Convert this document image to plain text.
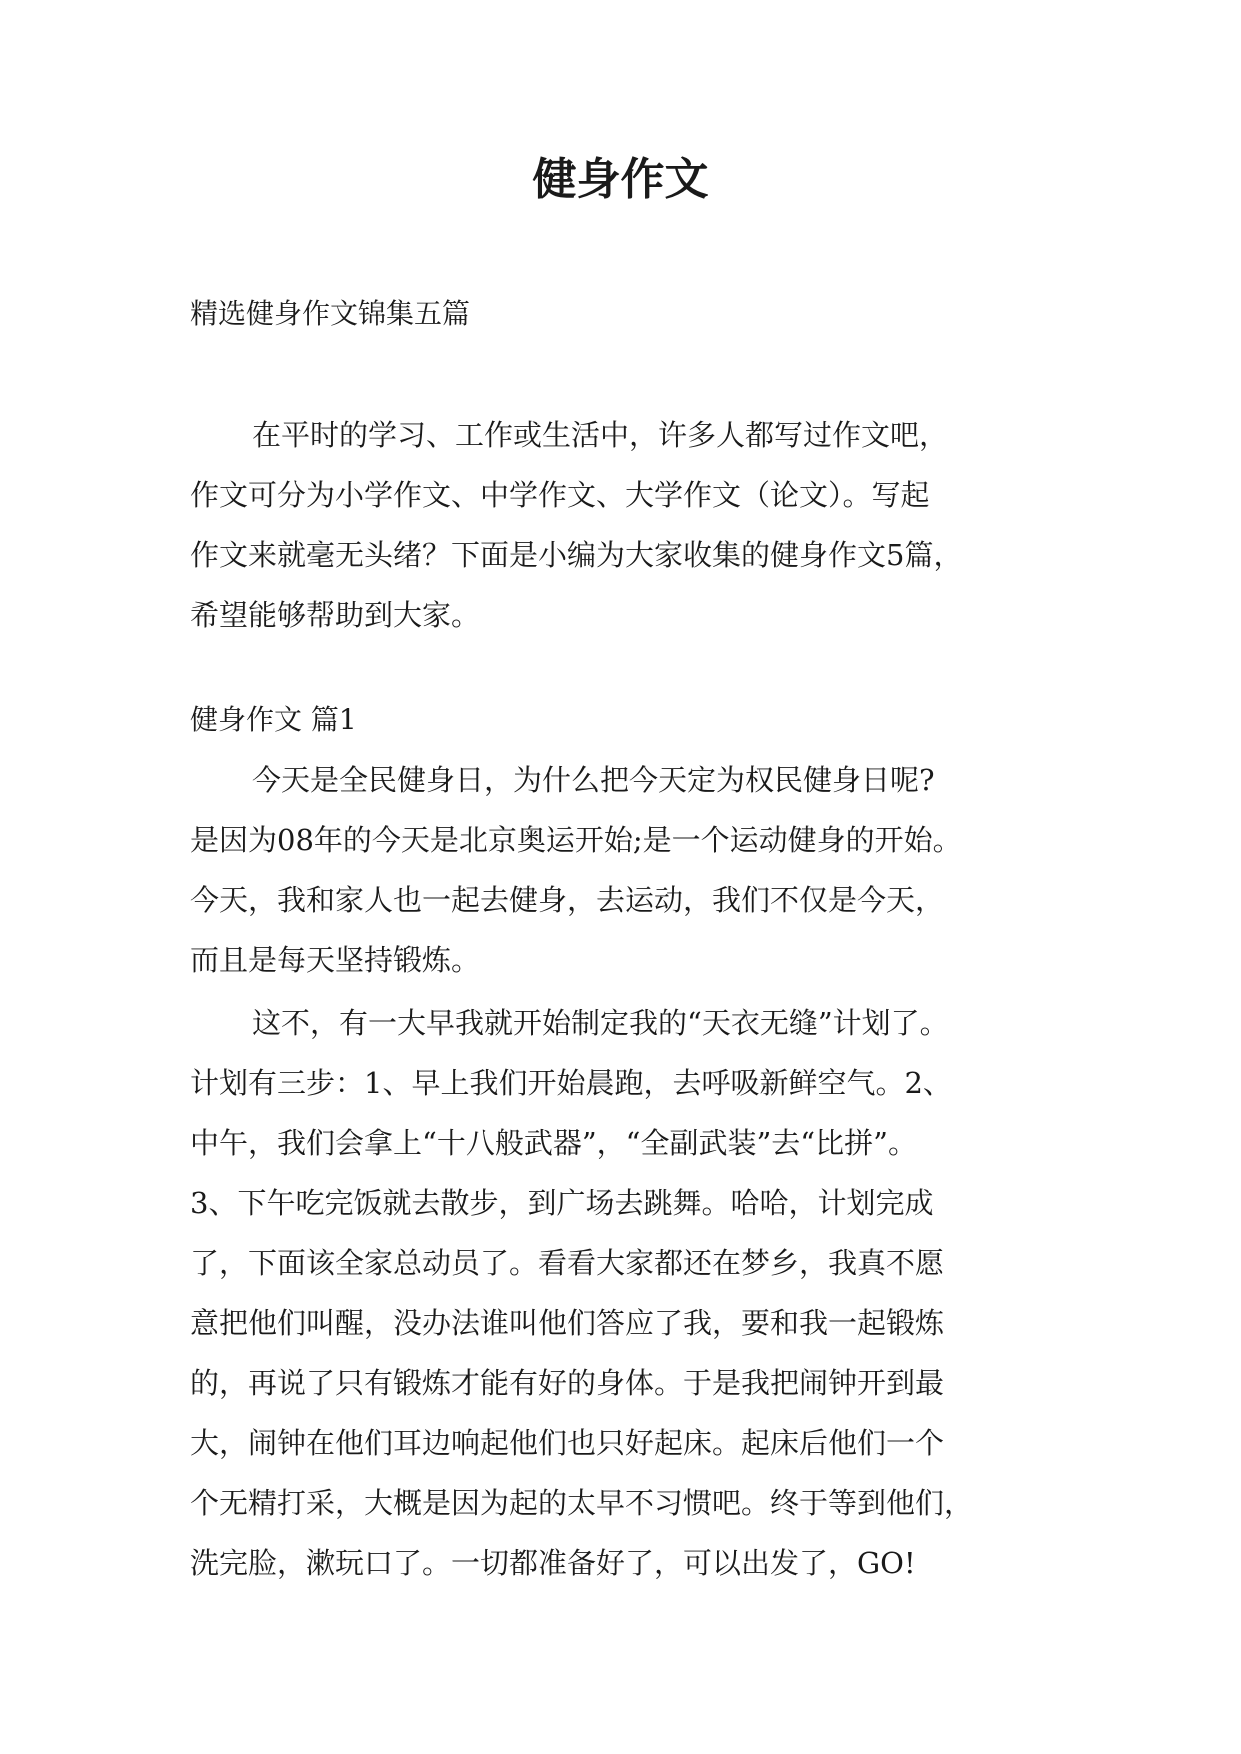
健身作文

精选健身作文锦集五篇

在平时的学习、工作或生活中，许多人都写过作文吧，
作文可分为小学作文、中学作文、大学作文（论文）。写起
作文来就毫无头绪？下面是小编为大家收集的健身作文5篇，
希望能够帮助到大家。

健身作文 篇1

今天是全民健身日，为什么把今天定为权民健身日呢?
是因为08年的今天是北京奥运开始;是一个运动健身的开始。
今天，我和家人也一起去健身，去运动，我们不仅是今天，
而且是每天坚持锻炼。
这不，有一大早我就开始制定我的“天衣无缝”计划了。
计划有三步：1、早上我们开始晨跑，去呼吸新鲜空气。2、
中午，我们会拿上“十八般武器”，“全副武装”去“比拼”。
3、下午吃完饭就去散步，到广场去跳舞。哈哈，计划完成
了，下面该全家总动员了。看看大家都还在梦乡，我真不愿
意把他们叫醒，没办法谁叫他们答应了我，要和我一起锻炼
的，再说了只有锻炼才能有好的身体。于是我把闹钟开到最
大，闹钟在他们耳边响起他们也只好起床。起床后他们一个
个无精打采，大概是因为起的太早不习惯吧。终于等到他们，
洗完脸，漱玩口了。一切都准备好了，可以出发了，GO!
